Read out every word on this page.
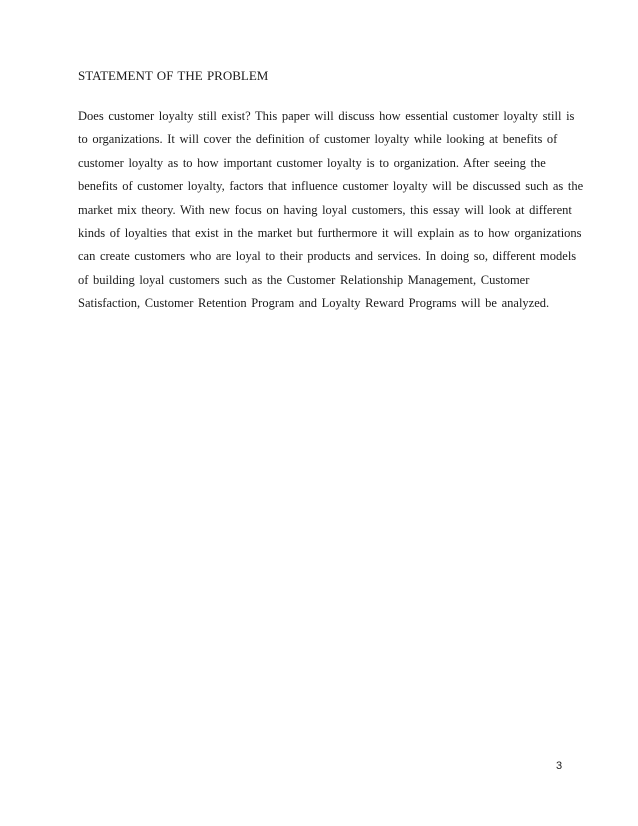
STATEMENT OF THE PROBLEM
Does customer loyalty still exist? This paper will discuss how essential customer loyalty still is
to organizations. It will cover the definition of customer loyalty while looking at benefits of
customer loyalty as to how important customer loyalty is to organization. After seeing the
benefits of customer loyalty, factors that influence customer loyalty will be discussed such as the
market mix theory. With new focus on having loyal customers, this essay will look at different
kinds of loyalties that exist in the market but furthermore it will explain as to how organizations
can create customers who are loyal to their products and services. In doing so, different models
of building loyal customers such as the Customer Relationship Management, Customer
Satisfaction, Customer Retention Program and Loyalty Reward Programs will be analyzed.
3
